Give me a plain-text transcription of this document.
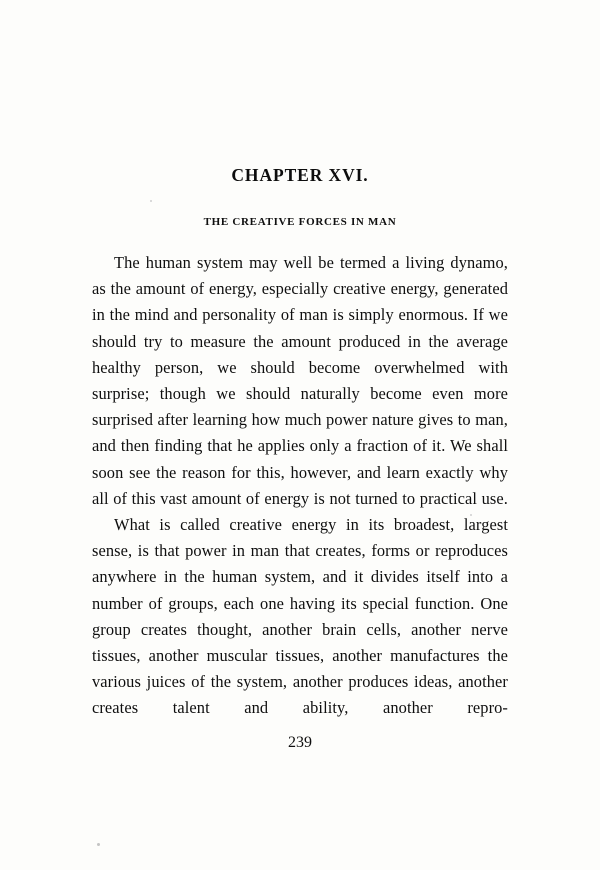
CHAPTER XVI.
THE CREATIVE FORCES IN MAN

The human system may well be termed a living dynamo, as the amount of energy, especially creative energy, generated in the mind and personality of man is simply enormous. If we should try to measure the amount produced in the average healthy person, we should become overwhelmed with surprise; though we should naturally become even more surprised after learning how much power nature gives to man, and then finding that he applies only a fraction of it. We shall soon see the reason for this, however, and learn exactly why all of this vast amount of energy is not turned to practical use.

What is called creative energy in its broadest, largest sense, is that power in man that creates, forms or reproduces anywhere in the human system, and it divides itself into a number of groups, each one having its special function. One group creates thought, another brain cells, another nerve tissues, another muscular tissues, another manufactures the various juices of the system, another produces ideas, another creates talent and ability, another repro-

239
